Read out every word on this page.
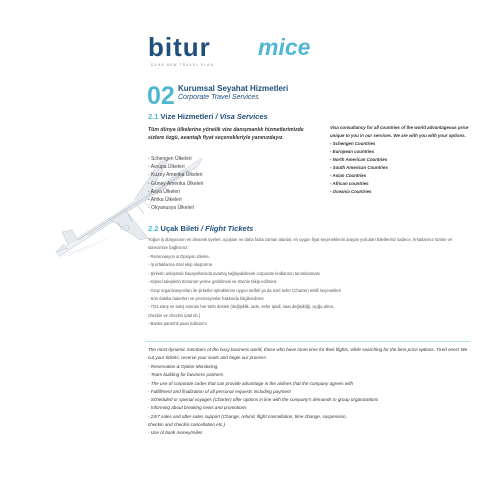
bitur mice
DAHA NEW TRAVEL PLAN
02 Kurumsal Seyahat Hizmetleri
Corporate Travel Services
2.1 Vize Hizmetleri / Visa Services
Tüm dünya ülkelerine yönelik vize danışmanlık hizmetlerimizde sizlere özgü, avantajlı fiyat seçenekleriyle yanınızdayız.
- Schengen Ülkeleri
- Avrupa Ülkeleri
- Kuzey Amerika Ülkeleri
- Güney Amerika Ülkeleri
- Asya Ülkeleri
- Afrika Ülkeleri
- Okyanusya Ülkeleri
Visa consultancy for all countries of the world advantageous price unique to you in our services. We are with you with your options.
- Schengen Countries
- European countries
- North American Countries
- South American Countries
- Asian Countries
- African countries
- Oceania Countries
2.2 Uçak Bileti / Flight Tickets
Yoğun iş dünyasının en dinamik üyeleri, uçuşları ne daha fazla zaman alanlar, en uygun fiyat seçeneklerini arayan yolcular! Biletleriniz sadece, fırsatlarınız sizinle ve sürecimize bağlısınız:
- Rezervasyon & Opsiyon izleme,
- İş ortaklarına özel ekip oluşturma
- Şirketin anlaşmalı havayollarında avantaj sağlayabilecek corporate kodlarının tanımlanması
- Kişisel taleplerin tümünün yerine getirilmesi ve özenle takip edilmesi
- Grup organizasyonları ile şirketler iştiraklerine uygun tarifeli ya da özel sefer (Charter) teklif seçenekleri
- Son dakika haberleri ve promosyonlar hakkında bilgilendirme
- 7/24 satış ve satış sonrası her türlü destek (değişiklik, iade, sefer iptali, saat değişikliği, açığa alma,
checkin ve checkin iptal vb.)
- Banka para/mil puan kullanımı
The most dynamic members of the busy business world, those who have more time for their flights, while searching for the best price options. Tired ones! We cut your tickets, reserve your seats and begin our process:
- Reservation & Option Monitoring,
- Team building for business partners
- The use of corporate codes that can provide advantage in the airlines that the company agrees with
- Fulfillment and finalization of all personal requests including payment
- Scheduled or special voyages (Charter) offer options in line with the company's demands in group organizations
- Informing about breaking news and promotions
- 24/7 sales and after-sales support (Change, refund, flight cancellation, time change, suspension,
checkin and checkin cancellation etc.)
- Use of bank money/miles
